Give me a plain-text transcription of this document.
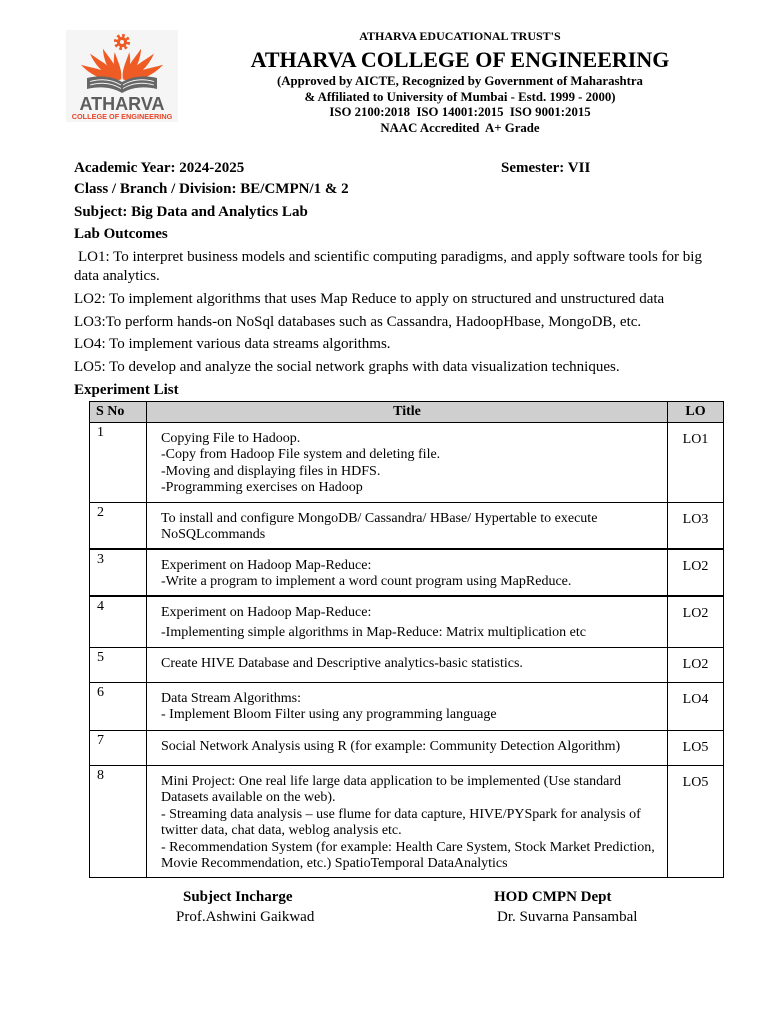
ATHARVA
COLLEGE OF ENGINEERING
ATHARVA EDUCATIONAL TRUST'S
ATHARVA COLLEGE OF ENGINEERING
(Approved by AICTE, Recognized by Government of Maharashtra
& Affiliated to University of Mumbai - Estd. 1999 - 2000)
ISO 2100:2018  ISO 14001:2015  ISO 9001:2015
NAAC Accredited  A+ Grade
Academic Year: 2024-2025	Semester: VII
Class / Branch / Division: BE/CMPN/1 & 2
Subject: Big Data and Analytics Lab
Lab Outcomes
LO1: To interpret business models and scientific computing paradigms, and apply software tools for big data analytics.
LO2: To implement algorithms that uses Map Reduce to apply on structured and unstructured data
LO3:To perform hands-on NoSql databases such as Cassandra, HadoopHbase, MongoDB, etc.
LO4: To implement various data streams algorithms.
LO5: To develop and analyze the social network graphs with data visualization techniques.
Experiment List
S No	Title	LO
1	Copying File to Hadoop.
-Copy from Hadoop File system and deleting file.
-Moving and displaying files in HDFS.
-Programming exercises on Hadoop
LO1
2	To install and configure MongoDB/ Cassandra/ HBase/ Hypertable to execute
NoSQLcommands
LO3
3	Experiment on Hadoop Map-Reduce:
-Write a program to implement a word count program using MapReduce.
LO2
4	Experiment on Hadoop Map-Reduce:
-Implementing simple algorithms in Map-Reduce: Matrix multiplication etc
LO2
5	Create HIVE Database and Descriptive analytics-basic statistics.	LO2
6	Data Stream Algorithms:
- Implement Bloom Filter using any programming language
LO4
7	Social Network Analysis using R (for example: Community Detection Algorithm)	LO5
8	Mini Project: One real life large data application to be implemented (Use standard
Datasets available on the web).
- Streaming data analysis – use flume for data capture, HIVE/PYSpark for analysis of
twitter data, chat data, weblog analysis etc.
- Recommendation System (for example: Health Care System, Stock Market Prediction,
Movie Recommendation, etc.) SpatioTemporal DataAnalytics
LO5
Subject Incharge	HOD CMPN Dept
Prof.Ashwini Gaikwad	Dr. Suvarna Pansambal
